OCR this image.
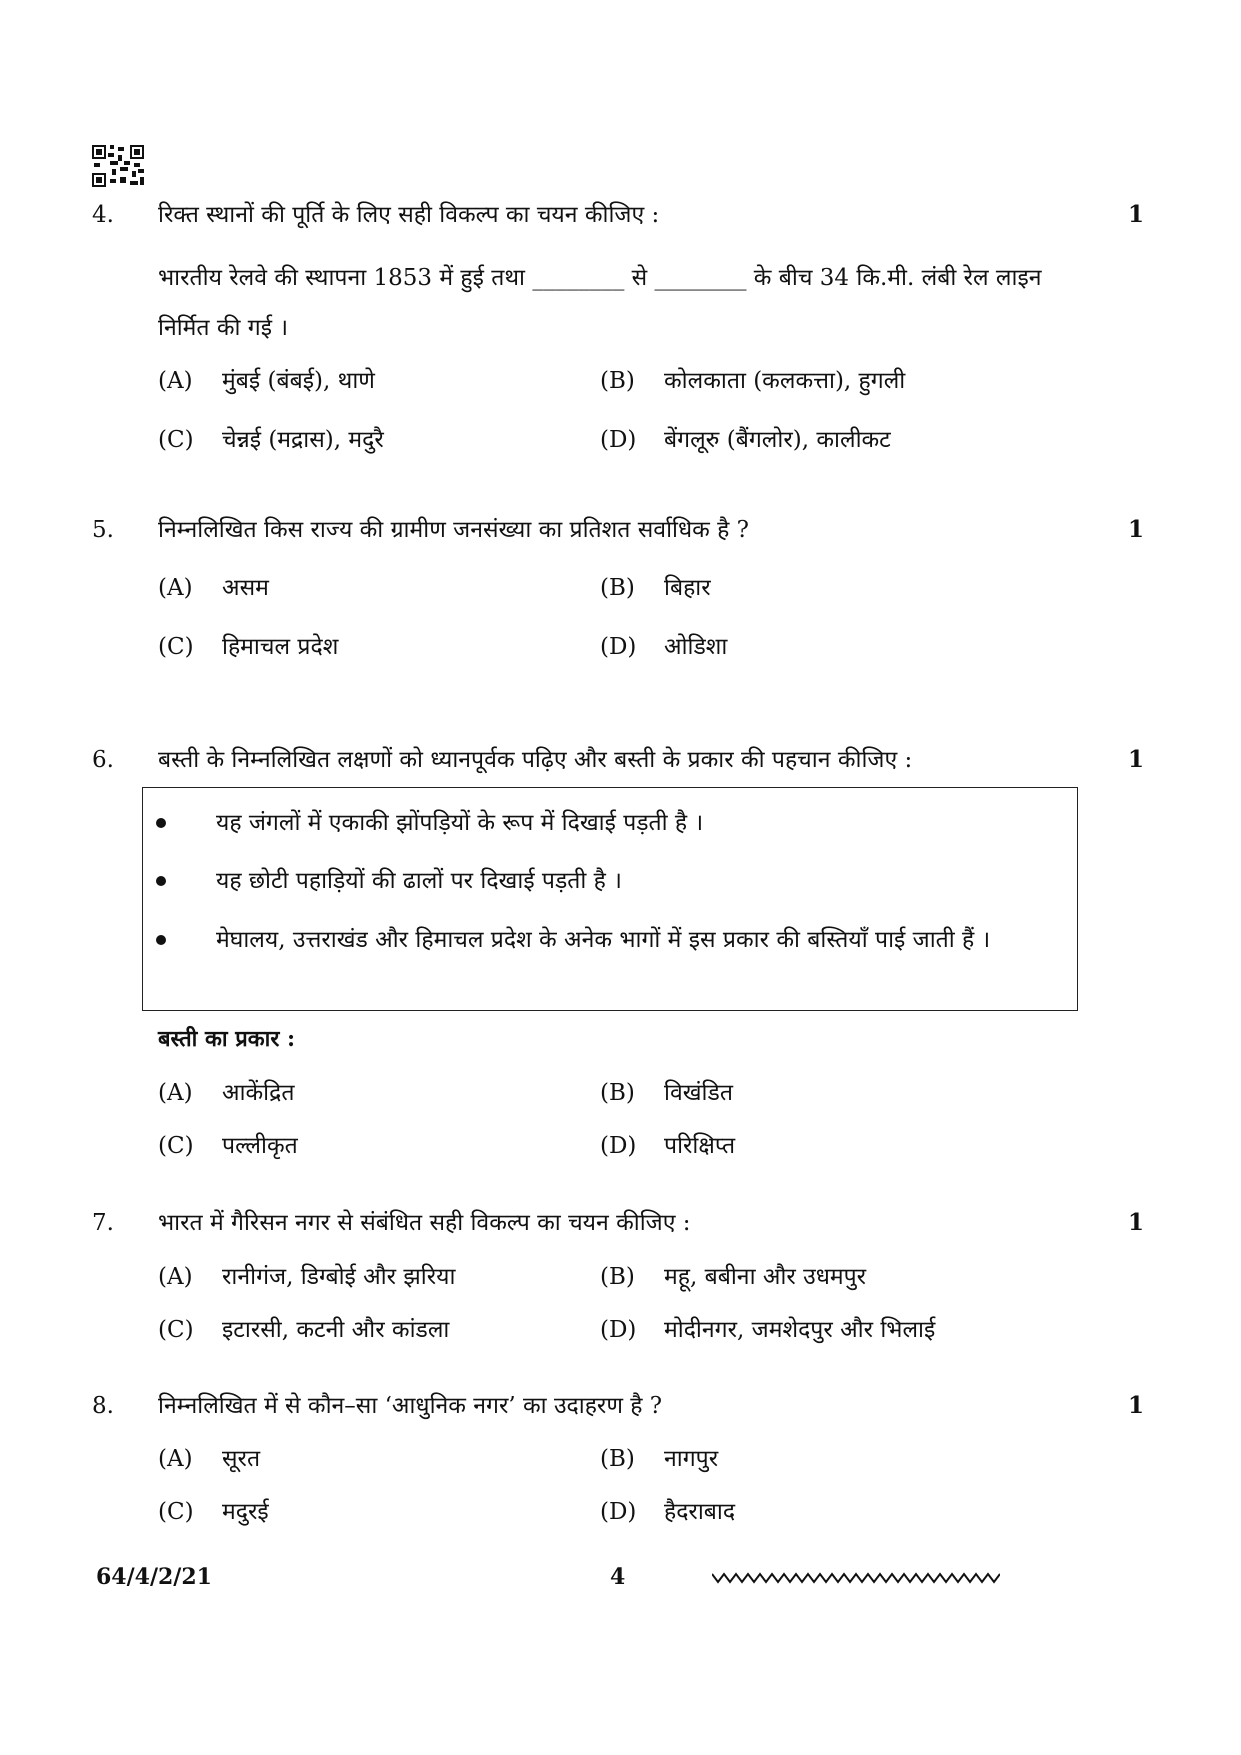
4. रिक्त स्थानों की पूर्ति के लिए सही विकल्प का चयन कीजिए :	1
भारतीय रेलवे की स्थापना 1853 में हुई तथा ________ से ________ के बीच 34 कि.मी. लंबी रेल लाइन निर्मित की गई ।
(A) मुंबई (बंबई), थाणे	(B) कोलकाता (कलकत्ता), हुगली
(C) चेन्नई (मद्रास), मदुरै	(D) बेंगलूरु (बैंगलोर), कालीकट
5. निम्नलिखित किस राज्य की ग्रामीण जनसंख्या का प्रतिशत सर्वाधिक है ?	1
(A) असम	(B) बिहार
(C) हिमाचल प्रदेश	(D) ओडिशा
6. बस्ती के निम्नलिखित लक्षणों को ध्यानपूर्वक पढ़िए और बस्ती के प्रकार की पहचान कीजिए :	1
यह जंगलों में एकाकी झोंपड़ियों के रूप में दिखाई पड़ती है ।
यह छोटी पहाड़ियों की ढालों पर दिखाई पड़ती है ।
मेघालय, उत्तराखंड और हिमाचल प्रदेश के अनेक भागों में इस प्रकार की बस्तियाँ पाई जाती हैं ।
बस्ती का प्रकार :
(A) आकेंद्रित	(B) विखंडित
(C) पल्लीकृत	(D) परिक्षिप्त
7. भारत में गैरिसन नगर से संबंधित सही विकल्प का चयन कीजिए :	1
(A) रानीगंज, डिग्बोई और झरिया	(B) महू, बबीना और उधमपुर
(C) इटारसी, कटनी और कांडला	(D) मोदीनगर, जमशेदपुर और भिलाई
8. निम्नलिखित में से कौन–सा ‘आधुनिक नगर’ का उदाहरण है ?	1
(A) सूरत	(B) नागपुर
(C) मदुरई	(D) हैदराबाद
64/4/2/21	4
